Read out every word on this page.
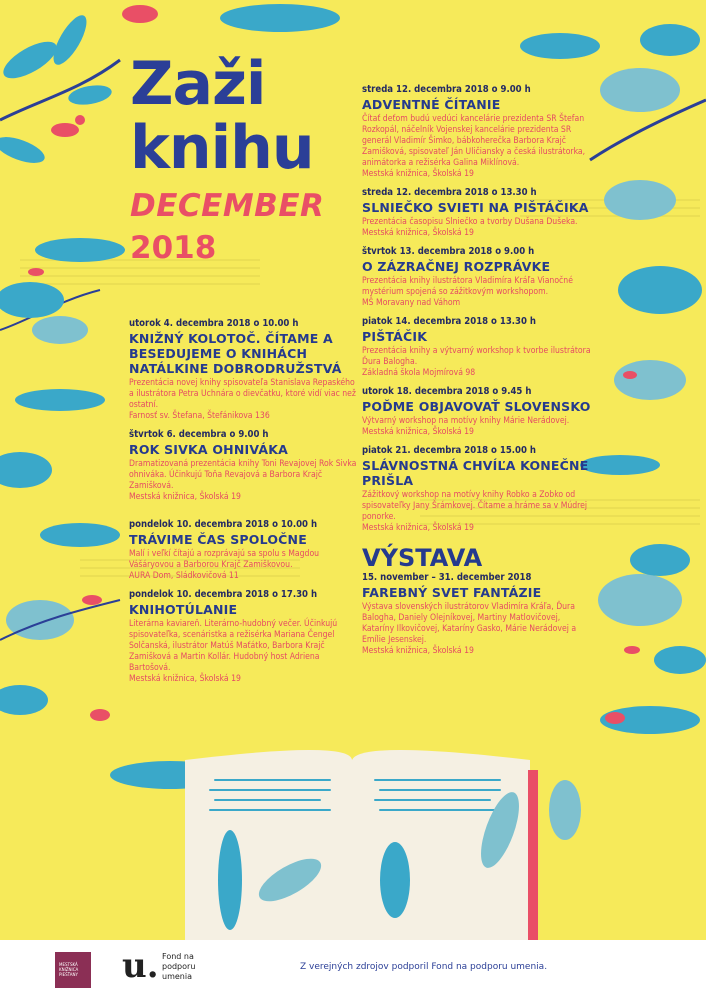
Zaži
knihu
DECEMBER
2018
utorok 4. decembra 2018 o 10.00 h
KNIŽNÝ KOLOTOČ. ČÍTAME A BESEDUJEME O KNIHÁCH NATÁLKINE DOBRODRUŽSTVÁ
Prezentácia novej knihy spisovateľa Stanislava Repaského a ilustrátora Petra Uchnára o dievčatku, ktoré vidí viac než ostatní.
Farnosť sv. Štefana, Štefánikova 136
štvrtok 6. decembra o 9.00 h
ROK SIVKA OHNIVÁKA
Dramatizovaná prezentácia knihy Toni Revajovej Rok Sivka ohniváka. Účinkujú Toňa Revajová a Barbora Krajč Zamišková.
Mestská knižnica, Školská 19
pondelok 10. decembra 2018 o 10.00 h
TRÁVIME ČAS SPOLOČNE
Malí i veľkí čítajú a rozprávajú sa spolu s Magdou Vášáryovou a Barborou Krajč Zamiškovou.
AURA Dom, Sládkovičová 11
pondelok 10. decembra 2018 o 17.30 h
KNIHOTÚLANIE
Literárna kaviareň. Literárno-hudobný večer. Účinkujú spisovateľka, scenáristka a režisérka Mariana Čengel Solčanská, ilustrátor Matúš Maťátko, Barbora Krajč Zamišková a Martin Kollár. Hudobný host Adriena Bartošová.
Mestská knižnica, Školská 19
streda 12. decembra 2018 o 9.00 h
ADVENTNÉ ČÍTANIE
Čítať deťom budú vedúci kancelárie prezidenta SR Štefan Rozkopál, náčelník Vojenskej kancelárie prezidenta SR generál Vladimír Šimko, bábkoherečka Barbora Krajč Zamišková, spisovateľ Ján Uličiansky a česká ilustrátorka, animátorka a režisérka Galina Miklínová.
Mestská knižnica, Školská 19
streda 12. decembra 2018 o 13.30 h
SLNIEČKO SVIETI NA PIŠTÁČIKA
Prezentácia časopisu Slniečko a tvorby Dušana Dušeka.
Mestská knižnica, Školská 19
štvrtok 13. decembra 2018 o 9.00 h
O ZÁZRAČNEJ ROZPRÁVKE
Prezentácia knihy ilustrátora Vladimíra Kráľa Vianočné mystérium spojená so zážitkovým workshopom.
MŠ Moravany nad Váhom
piatok 14. decembra 2018 o 13.30 h
PIŠTÁČIK
Prezentácia knihy a výtvarný workshop k tvorbe ilustrátora Ďura Balogha.
Základná škola Mojmírová 98
utorok 18. decembra 2018 o 9.45 h
POĎME OBJAVOVAŤ SLOVENSKO
Výtvarný workshop na motívy knihy Márie Nerádovej.
Mestská knižnica, Školská 19
piatok 21. decembra 2018 o 15.00 h
SLÁVNOSTNÁ CHVÍĽA KONEČNE PRIŠLA
Zážitkový workshop na motívy knihy Robko a Zobko od spisovateľky Jany Šrámkovej. Čítame a hráme sa v Múdrej ponorke.
Mestská knižnica, Školská 19
VÝSTAVA
15. november – 31. december 2018
FAREBNÝ SVET FANTÁZIE
Výstava slovenských ilustrátorov Vladimíra Kráľa, Ďura Balogha, Daniely Olejníkovej, Martiny Matlovičovej, Kataríny Ilkovičovej, Kataríny Gasko, Márie Nerádovej a Emílie Jesenskej.
Mestská knižnica, Školská 19
MESTSKÁ KNIŽNICA PIEŠŤANY u. Fond na podporu umenia
Z verejných zdrojov podporil Fond na podporu umenia.
